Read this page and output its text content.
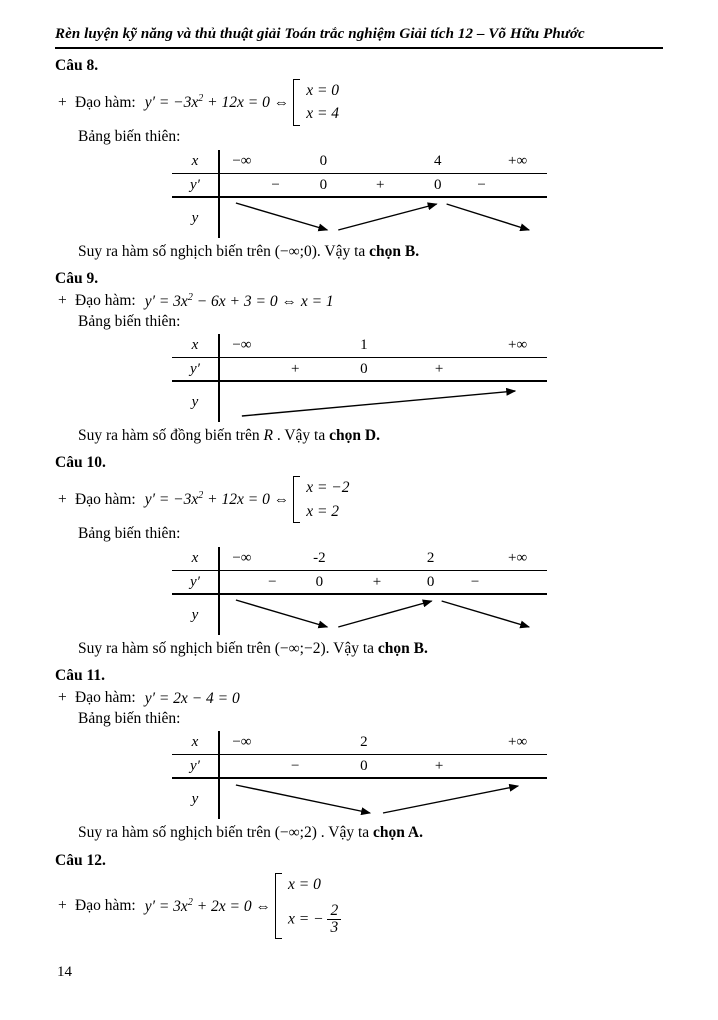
Rèn luyện kỹ năng và thủ thuật giải Toán trắc nghiệm Giải tích 12 – Võ Hữu Phước
Câu 8.
+ Đạo hàm: $y' = -3x^2 + 12x = 0$ ⇔
x = 0
x = 4
Bảng biến thiên:
x	−∞	0	4	+∞
y′	−	0	+	0 −
y
Suy ra hàm số nghịch biến trên (−∞;0). Vậy ta chọn B.
Câu 9.
+ Đạo hàm: $y' = 3x^2 - 6x + 3 = 0$ ⇔ x = 1
Bảng biến thiên:
x	−∞	1	+∞
y′	+	0	+
y
Suy ra hàm số đồng biến trên R . Vậy ta chọn D.
Câu 10.
+ Đạo hàm: $y' = -3x^2 + 12x = 0$ ⇔
x = −2
x = 2
Bảng biến thiên:
x	−∞	-2	2	+∞
y′	−	0	+	0 −
y
Suy ra hàm số nghịch biến trên (−∞;−2). Vậy ta chọn B.
Câu 11.
+ Đạo hàm: y′ = 2x − 4 = 0
Bảng biến thiên:
x	−∞	2	+∞
y′	−	0	+
y
Suy ra hàm số nghịch biến trên (−∞;2) . Vậy ta chọn A.
Câu 12.
+ Đạo hàm: $y' = 3x^2 + 2x = 0$ ⇔
x = 0
x = − $\frac{2}{3}$
14
